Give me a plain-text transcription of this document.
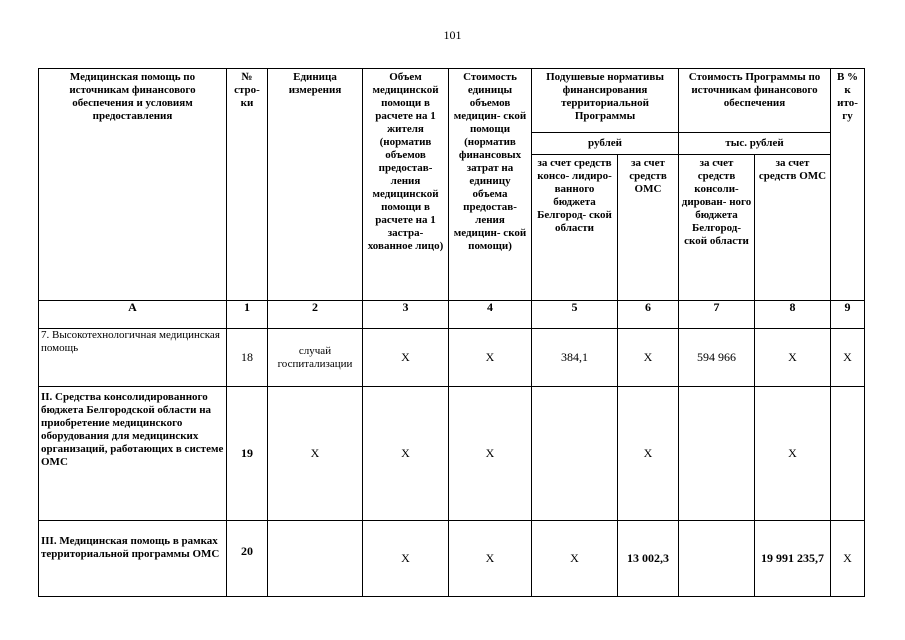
101
Медицинская помощь по источникам финансового обеспечения и условиям предоставления	№ стро- ки	Единица измерения	Объем медицинской помощи в расчете на 1 жителя (норматив объемов предостав- ления медицинской помощи в расчете на 1 застра- хованное лицо)	Стоимость единицы объемов медицин- ской помощи (норматив финансовых затрат на единицу объема предостав- ления медицин- ской помощи)	Подушевые нормативы финансирования территориальной Программы		Стоимость Программы по источникам финансового обеспечения		В % к ито- гу
					рублей		тыс. рублей		
					за счет средств консо- лидиро- ванного бюджета Белгород- ской области	за счет средств ОМС	за счет средств консоли- дирован- ного бюджета Белгород- ской области	за счет средств ОМС	
А	1	2	3	4	5	6	7	8	9
7. Высокотехнологичная медицинская помощь	18	случай госпитализации	Х	Х	384,1	Х	594 966	Х	Х
II. Средства консолидированного бюджета Белгородской области на приобретение медицинского оборудования для медицинских организаций, работающих в системе ОМС	19	Х	Х	Х		Х		Х	
III. Медицинская помощь в рамках территориальной программы ОМС	20		Х	Х	Х	13 002,3		19 991 235,7	Х
